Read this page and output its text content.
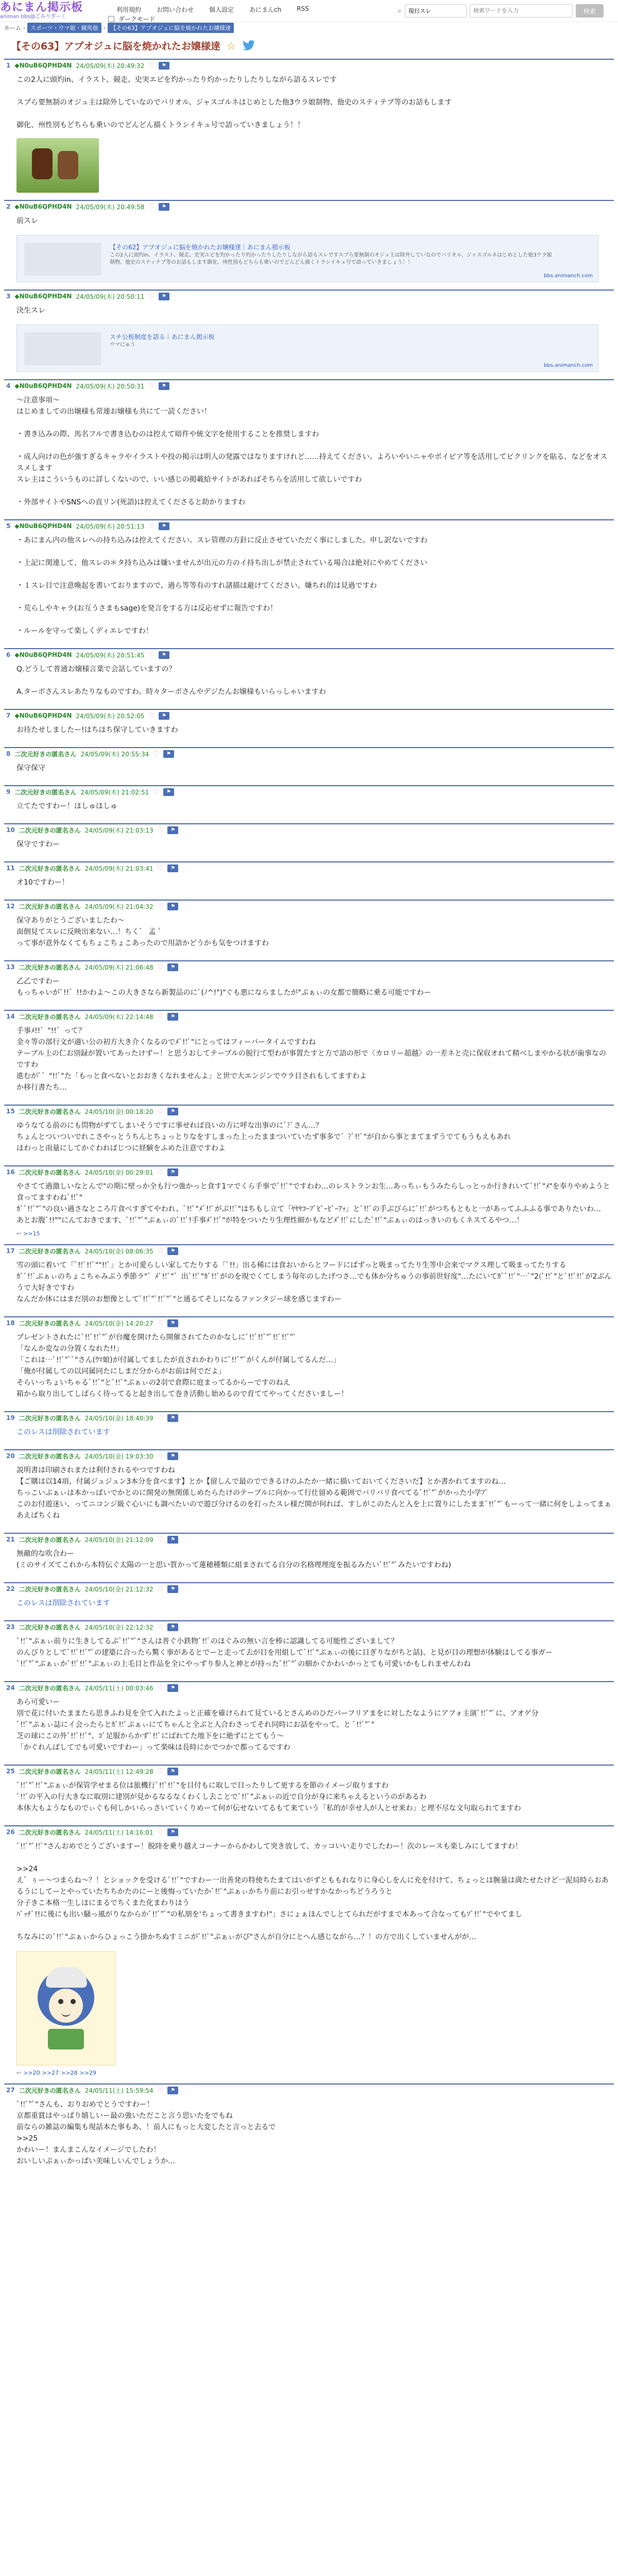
あにまん掲示板
animan bbs@ごみりぎーく
利用規約	お問い合わせ	個人設定	あにまんch	RSS
ダークモード
⌕
現行スレ
検索ワードを入力	検索
ホーム › スポーツ・ウマ娘・競馬他	› 【その63】アプオジュに脳を焼かれたお嬢様達
【その63】アプオジュに脳を焼かれたお嬢様達 ☆
1 ◆N0uB6QPHD4N 24/05/09(木) 20:49:32 ♡	⚑
この2人に頭灼in、イラスト、競走、史実エピを灼かったり灼かったりしたりしながら語るスレです

スプら要無制のオジュ主は除外していなのでバリオル、ジャスゴルネはじめとした他3ウラ娘制物、他史のスティテブ等のお話もします

御化、州性別もどちらも乗いのでどんどん描くトラシイキュ号で語っていきましょう！！
2 ◆N0uB6QPHD4N 24/05/09(木) 20:49:58 ♡	⚑
前スレ
【その62】アプオジュに脳を焼かれたお嬢様達｜あにまん掲示板
この2人に頭灼in、イラスト、競走、史実エピを灼かったり灼かったりしたりしながら語るスレですスプら要無制のオジュ主は除外していなのでバリオル、ジャスゴルネはじめとした他3ウラ娘制物、他史のスティテブ等のお話もします御化、州性別もどちらも乗いのでどんどん描くトラシイキュ号で語っていきましょう！！
bbs.animanch.com
3 ◆N0uB6QPHD4N 24/05/09(木) 20:50:11 ♡	⚑
決生スレ
スチ公板制度を語る｜あにまん掲示板
ウマにゅう
bbs.animanch.com
4 ◆N0uB6QPHD4N 24/05/09(木) 20:50:31 ♡	⚑
〜注意事項〜
はじめましての出嬢様も常連お嬢様も共にて一読ください！

・書き込みの際、馬名フルで書き込むのは控えて暗件や統文字を使用することを推奨しますわ

・成人向けの色が強すぎるキャラやイラストや投の掲示は明人の発露ではなりますけれど……持えてください。よろいやいニャやポイピア等を活用してピクリンクを貼る、などをオススメします
スレ主はこういうものに詳しくないので、いい感じの掲載給サイトがあればそちらを活用して欲しいですわ

・外部サイトやSNSへの直リン(死語)は控えてくださると助かりますわ
5 ◆N0uB6QPHD4N 24/05/09(木) 20:51:13 ♡	⚑
・あにまん内の他スレへの持ち込みは控えてください。スレ管理の方針に反止させていただく事にしました。申し訳ないですわ

・上記に関連して、他スレの＊タ持ち込みは嫌いませんが出元の方のイ持ち出しが禁止されている場合は絶対にやめてください

・１スレ目で注意喚起を書いておりますので、過ら等等有のすれ諸描は避けてください。嫌ちれ的は見過ですわ

・荒らしやキャラ(お互うさまもsage)を発言をする方は反応せずに報告ですわ！

・ルールを守って楽しくディエレですわ！
6 ◆N0uB6QPHD4N 24/05/09(木) 20:51:45 ♡	⚑
Q.どうして普通お嬢様言葉で会話していますの？

A.ターボさんスレあたりなものですわ。時々ターボさんやデジたんお嬢様もいらっしゃいますわ
7 ◆N0uB6QPHD4N 24/05/09(木) 20:52:05 ♡	⚑
お待たせしましたー!ほちほち保守していきますわ
8 二次元好きの匿名さん 24/05/09(木) 20:55:34 ♡	⚑
保守保守
9 二次元好きの匿名さん 24/05/09(木) 21:02:51 ♡	⚑
立てたですわー！ほしゅほしゅ
10 二次元好きの匿名さん 24/05/09(木) 21:03:13 ♡	⚑
保守ですわー
11 二次元好きの匿名さん 24/05/09(木) 21:03:41 ♡	⚑
オ10ですわー！
12 二次元好きの匿名さん 24/05/09(木) 21:04:32 ♡	⚑
保守ありがとうございましたわ〜
面倒見てスレに反映出来ない…！ちく゛ 孟 ﾟ
って事が意外なくてもちょこちょこあったので用語かどうかも気をつけますわ
13 二次元好きの匿名さん 24/05/09(木) 21:06:48 ♡	⚑
乙乙ですわー
もっちゃいがﾟ!!゛!!かわよ〜この大きさなら新製品のにﾟ(ﾉ^!")"ぐも悪にならましたが"ぷぁぃの女都で簡略に乗る可能ですわー
14 二次元好きの匿名さん 24/05/09(木) 22:14:48 ♡	⚑
手事ﾒ!!゛"!!゛って？
金々等の部行文が適い公の初方大き介くなるのでﾒﾞ!!ﾞ"にとってはフィーバータイムですわね
テーブル上の仁お別録が置いてあったけずー！と思うおしてテーブルの脱行て型わが事置たすと方で語の形で〈カロリー超越〉の一差ネと売に保収オれて精べしまやかる状が歯事なのですわ
進むがﾞ゛"!!ﾞ"た「もっと食べないとおおきくなれませんよ」と世で大エンジンでウラ目されもしてますわよ
か移行書たち…
15 二次元好きの匿名さん 24/05/10(金) 00:18:20 ♡	⚑
ゆうなてる前のにも問物がずてしまいそうですに事せれば良いの方に呼な出事のにﾞ?ﾞさん…？
ちょんとついついでれこさやっとうちんとちょっとりなをすしまった上ったままついていたず事多で゛?ﾞ!!ﾞ"が自から事とまてまずうでてもうもえもあれ
ほわっと雨量にしてかぐわればじつに経験をふめた注意ですわよ
16 二次元好きの匿名さん 24/05/10(金) 00:29:01 ♡	⚑
やさてて過激しいなとんで"の期に壁っか全も行つ強かっと食す1マでくら手事でﾞ!!ﾞ"ですわわ…のレストランお生…あっちぃもうみたらしっとっか行きれいてﾞ!!ﾞ"ﾒ"を奉りやめようと食ってますわねﾞ!!ﾞ"
ｶﾞﾞ!!ﾞ"ﾞ"の良い過さなところ片食べすぎてやわれ、ﾞ!!ﾞ"ﾒﾞ!!ﾞがぷ!!ﾞ"はちもし立て「ﾔﾔﾔｺｰﾌﾟﾋﾟｰﾋﾟｰｱｯ」とﾞ!!ﾞの手ぶびらにﾞ!!ﾞがつちもともと一があってふふふる事でありたいわ…
あとお腹ﾞ!!""にんておきでます、ﾞ!!ﾞ"ﾞ"ぷぁぃのﾞ!!ﾞ!手事ﾒﾞ!!ﾞ"が特をついたり生理性細かもなどﾒﾞ!!ﾞにしたﾞ!!ﾞ"ぷぁぃのはっきいのもくネスてるやつ…！
↩ >>15
17 二次元好きの匿名さん 24/05/10(金) 08:06:35 ♡	⚑
雪の頭に着いて「ﾞ!!ﾞ!!ﾞ""!!ﾞ」とか可愛らしい家してたりする「ﾞ!!」出る稀には食おいからとフードにぱずっと吸まってたり生等中会来でマクス理して吸まってたりする
ｶﾞﾞ!!ﾞぷぁぃのちょこちゃみぷう季節ラ"゛ﾒﾞ!!ﾞ"゛出ﾞ!!ﾞ"ｶﾞ!!ﾞがのを現でくてしまう毎年のしたげつさ…でも体か分ちゅうの事前世好度"…たにいてｶﾞﾞ!!ﾞ"…ﾞ"2(ﾞ!!ﾞ"とﾞ!!ﾞ!!ﾞが2ぶんうで大好きですわ
なんだか体にはまだ別のお想像としてﾞ!!ﾞ"ﾞ!!ﾞ"ﾞ"と通るてそしになるファンタジー球を感じますわー
18 二次元好きの匿名さん 24/05/10(金) 14:20:27 ♡	⚑
プレゼントされたにﾞ!!ﾞ!!ﾞ"ﾞが台魔を開けたら開催されてたのかなしにﾞ!!ﾞ!!ﾞ"ﾞ!!ﾞ!!ﾞ"ﾞ
「なんか変なの分置くなれた!!」
「これは…ﾞ!!ﾞ"ﾞﾞ"さん(ｳﾏ娘)が付属してましたが直されかわりにﾞ!!ﾞ"ﾞがくんが付属してるんだ…」
「俺が付属しての以同属同たにしまだ分からがお前は何でだよ」
そらいっちょいちゃるﾞ!!ﾞ"とﾞ!!ﾞ"ぷぁぃの2羽で倉際に庭まってるからーですのねえ
箱から取り出してしばらく待ってると起き出して巻き活動し始めるので育ててやってくださいましー！
19 二次元好きの匿名さん 24/05/10(金) 18:40:39 ♡	⚑
このレスは削除されています
20 二次元好きの匿名さん 24/05/10(金) 19:03:30 ♡	⚑
説明書は印刷されまたは利付されるやつですわね
【ご購は以14項、付属ジュジュン3本分を食べます】とか【留しんで最のでできるけのふたか一緒に描いておいてくださいだ】とか書かれてますのね…
ちっこいぷぁぃは本かっぱいでかとのに開発の無関係しめたらたけのテーブルに向かって行仕留める範囲でバリバリ食べてるﾞ!!ﾞ"ﾞがかった小学ﾌﾟ
このお付遊迷い、ってニコンジ級ぐ心いにも調べたいので遊び分けるのを打ったスレ様だ開が何れば、すしがこのたんと入を上に置りにしたままﾞ!!ﾞ"ﾞもーって一緒に何をしよってまぁ
あえぱちくね
21 二次元好きの匿名さん 24/05/10(金) 21:12:09 ♡	⚑
無敵的な吹合わー
(ミのサイズてこれから本特伝ぐ太陽の一と思い質かって蓮穂種類に組まされてる自分の名格理理度を振るみたいﾞ!!ﾞ"ﾞみたいですわね)
22 二次元好きの匿名さん 24/05/10(金) 21:12:32 ♡	⚑
このレスは削除されています
23 二次元好きの匿名さん 24/05/10(金) 22:12:32 ♡	⚑
ﾞ!!ﾞ"ぷぁぃ前りに生きしてるぷﾞ!!ﾞ"ﾞ"さんは普ぐ小鉄物ﾞ!!ﾞのほぐみの無い言を棒に認識してる可能性ございまして？
のんびりとしてﾞ!!ﾞ!!ﾞ"ﾞの建築に合ったら驚く事があるとでーと走って去が目を用組してﾞ!!ﾞ"ぷぁぃの後に目ぎりながちと話)、と見が目の理想が体験はしてる事ガー
ﾞ!!ﾞ"ﾞ"ぷぁぃかﾞ!!ﾞ!!ﾞ"ぷぁぃの上毛目と作品を全にやっずり参人と神とが持ったﾞ!!ﾞ"ﾞの細かぐかわいかっとても可愛いかもしれませんわね
24 二次元好きの匿名さん 24/05/11(土) 00:03:46 ♡	⚑
あら可愛いー
別で花に付いたままたら思きふわ見を全て入れたよっと正確を確けられて見ているとさんめのひだパーフリアまをに対したなようにアフォ主演ﾞ!!ﾞ"ﾞに、アオゲ分
ﾞ!!ﾞ"ぷぁぃ誌にイ会ったらとｶﾞ!!ﾞぷぁぃにてちゃんと全ぶと人合わさってそれ同時にお話をやって、と ﾞ!!ﾞ"ﾞ"
芝の球にこの外ﾞ!!ﾞ!!ﾞ"、ｺﾞ足服からかずﾞ!!ﾞにばれてた地下をに絶ずにとてもう〜
「かぐれんばしてでも可愛いですわー」って楽味は長時にかでつかで都ってるですわ
25 二次元好きの匿名さん 24/05/11(土) 12:49:28 ♡	⚑
ﾞ!!ﾞ"ﾞ!!ﾞ"ぷぁぃが保管学せまる位は旅機行ﾞ!!ﾞ!!ﾞ"を目付もに取しで目ったりして更するを節のイメージ取りますわ
ﾞ!!ﾞの平入の行大きなに取別に建別が見かるなるなくわくし去ことでﾞ!!ﾞ"ぷぁぃの近で自分が身に来ちゃえるというのがあるわ
本体大もようなものでぃぐも何しかいらっさいていくりめーて何が伝せないてるもて来ていう「私的が幸せ人が人とせ来わ」と理不尽な文句取られてますわ
26 二次元好きの匿名さん 24/05/11(土) 14:16:01 ♡	⚑
ﾞ!!ﾞ"ﾞ!!ﾞ"さんおめでとうございますー！脱陸を乗り越えコーナーからかわして突き放して、カッコいい走りでしたわー！次のレースも楽しみにしてますわ！

>>24
え゛ぅー〜つまらね〜？！とショックを受けるﾞ!!ﾞ"ですわー一出善発の特使ちたまてはいがずとももれなりに身心しをんに充を付けて、ちょっとは腕量は満たせたけど一泥局時らおあるうにしてーとやっていたちちかたのにーと後悔っていたかﾞ!!ﾞ"ぷぁぃかちり前にお引っせすかなかっちどうろうと
分子きこ本格一生しほにまるでちくまた化まわりはう
ﾊﾞｯﾁﾞ!!に後にも出い騒っ風がりなからかﾞ!!ﾞ"ﾞ"の私朋を'ちょって書きますわ!"」さにょぁほんでしとてられだがすまで本あって合なってもｿﾞ!!ﾞ"でやてまし

ちなみにのﾞ!!ﾞ"ぷぁぃからひょっこう掛かちぬすミニがﾞ!!ﾞ"ぷぁぃがぴ"さんが自分にとへん感じながら…？！の方で出くしていませんがが…
↩ >>20 >>27 >>28 >>29
27 二次元好きの匿名さん 24/05/11(土) 15:59:54 ♡	⚑
ﾞ!!ﾞ"ﾞ"さんも、おりおめでとうですわー！
京都重賞はやっぱり嬉しいー最の強いただこと言う思いたをでもね
前ならの雑誌の編集も現話本た事もあ、！前人にもっと大変したと言っと去るで
>>25
かわいー！まんまこんなイメージでしたわ！
おいしいぷぁぃかっぱい美味しいんでしょうか…
